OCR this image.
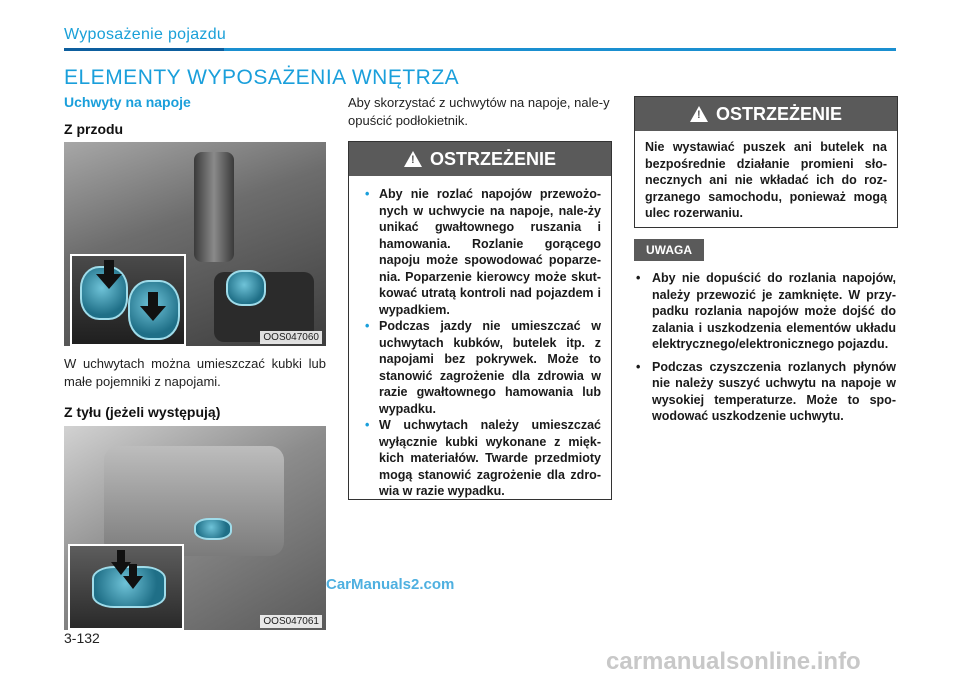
Wyposażenie pojazdu
ELEMENTY WYPOSAŻENIA WNĘTRZA
Uchwyty na napoje
Z przodu
OOS047060
W uchwytach można umieszczać kubki lub małe pojemniki z napojami.
Z tyłu (jeżeli występują)
OOS047061
Aby skorzystać z uchwytów na napoje, nale-y opuścić podłokietnik.
! OSTRZEŻENIE
• Aby nie rozlać napojów przewożo-nych w uchwycie na napoje, nale-ży unikać gwałtownego ruszania i hamowania. Rozlanie gorącego napoju może spowodować poparze-nia. Poparzenie kierowcy może skut-kować utratą kontroli nad pojazdem i wypadkiem.
• Podczas jazdy nie umieszczać w uchwytach kubków, butelek itp. z napojami bez pokrywek. Może to stanowić zagrożenie dla zdrowia w razie gwałtownego hamowania lub wypadku.
• W uchwytach należy umieszczać wyłącznie kubki wykonane z mięk-kich materiałów. Twarde przedmioty mogą stanowić zagrożenie dla zdro-wia w razie wypadku.
! OSTRZEŻENIE
Nie wystawiać puszek ani butelek na bezpośrednie działanie promieni sło-necznych ani nie wkładać ich do roz-grzanego samochodu, ponieważ mogą ulec rozerwaniu.
UWAGA
• Aby nie dopuścić do rozlania napojów, należy przewozić je zamknięte. W przy-padku rozlania napojów może dojść do zalania i uszkodzenia elementów układu elektrycznego/elektronicznego pojazdu.
• Podczas czyszczenia rozlanych płynów nie należy suszyć uchwytu na napoje w wysokiej temperaturze. Może to spo-wodować uszkodzenie uchwytu.
3-132
CarManuals2.com
carmanualsonline.info
